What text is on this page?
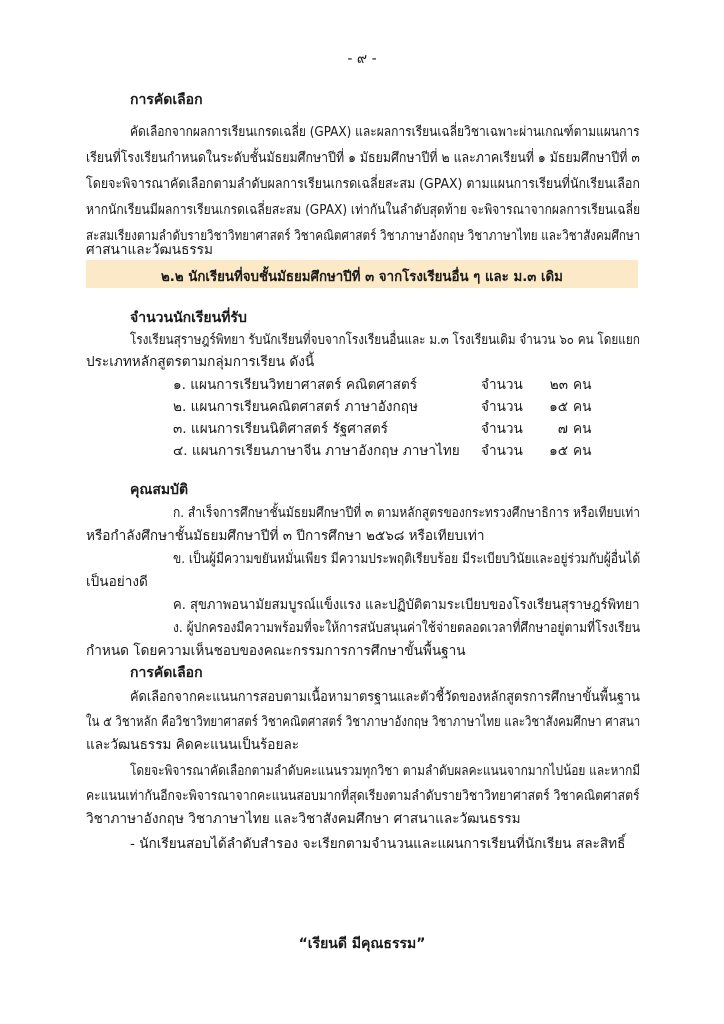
- ๙ -
การคัดเลือก
คัดเลือกจากผลการเรียนเกรดเฉลี่ย (GPAX) และผลการเรียนเฉลี่ยวิชาเฉพาะผ่านเกณฑ์ตามแผนการ
เรียนที่โรงเรียนกำหนดในระดับชั้นมัธยมศึกษาปีที่ ๑ มัธยมศึกษาปีที่ ๒ และภาคเรียนที่ ๑ มัธยมศึกษาปีที่ ๓
โดยจะพิจารณาคัดเลือกตามลำดับผลการเรียนเกรดเฉลี่ยสะสม (GPAX) ตามแผนการเรียนที่นักเรียนเลือก
หากนักเรียนมีผลการเรียนเกรดเฉลี่ยสะสม (GPAX) เท่ากันในลำดับสุดท้าย จะพิจารณาจากผลการเรียนเฉลี่ย
สะสมเรียงตามลำดับรายวิชาวิทยาศาสตร์ วิชาคณิตศาสตร์ วิชาภาษาอังกฤษ วิชาภาษาไทย และวิชาสังคมศึกษา
ศาสนาและวัฒนธรรม
๒.๒ นักเรียนที่จบชั้นมัธยมศึกษาปีที่ ๓ จากโรงเรียนอื่น ๆ และ ม.๓ เดิม
จำนวนนักเรียนที่รับ
โรงเรียนสุราษฎร์พิทยา รับนักเรียนที่จบจากโรงเรียนอื่นและ ม.๓ โรงเรียนเดิม จำนวน ๖๐ คน โดยแยก
ประเภทหลักสูตรตามกลุ่มการเรียน ดังนี้
๑. แผนการเรียนวิทยาศาสตร์ คณิตศาสตร์	จำนวน	๒๓ คน
๒. แผนการเรียนคณิตศาสตร์ ภาษาอังกฤษ	จำนวน	๑๕ คน
๓. แผนการเรียนนิติศาสตร์ รัฐศาสตร์	จำนวน	๗ คน
๔. แผนการเรียนภาษาจีน ภาษาอังกฤษ ภาษาไทย จำนวน	๑๕ คน
คุณสมบัติ
ก. สำเร็จการศึกษาชั้นมัธยมศึกษาปีที่ ๓ ตามหลักสูตรของกระทรวงศึกษาธิการ หรือเทียบเท่า
หรือกำลังศึกษาชั้นมัธยมศึกษาปีที่ ๓ ปีการศึกษา ๒๕๖๘ หรือเทียบเท่า
ข. เป็นผู้มีความขยันหมั่นเพียร มีความประพฤติเรียบร้อย มีระเบียบวินัยและอยู่ร่วมกับผู้อื่นได้
เป็นอย่างดี
ค. สุขภาพอนามัยสมบูรณ์แข็งแรง และปฏิบัติตามระเบียบของโรงเรียนสุราษฎร์พิทยา
ง. ผู้ปกครองมีความพร้อมที่จะให้การสนับสนุนค่าใช้จ่ายตลอดเวลาที่ศึกษาอยู่ตามที่โรงเรียน
กำหนด โดยความเห็นชอบของคณะกรรมการการศึกษาขั้นพื้นฐาน
การคัดเลือก
คัดเลือกจากคะแนนการสอบตามเนื้อหามาตรฐานและตัวชี้วัดของหลักสูตรการศึกษาขั้นพื้นฐาน
ใน ๕ วิชาหลัก คือวิชาวิทยาศาสตร์ วิชาคณิตศาสตร์ วิชาภาษาอังกฤษ วิชาภาษาไทย และวิชาสังคมศึกษา ศาสนา
และวัฒนธรรม คิดคะแนนเป็นร้อยละ
โดยจะพิจารณาคัดเลือกตามลำดับคะแนนรวมทุกวิชา ตามลำดับผลคะแนนจากมากไปน้อย และหากมี
คะแนนเท่ากันอีกจะพิจารณาจากคะแนนสอบมากที่สุดเรียงตามลำดับรายวิชาวิทยาศาสตร์ วิชาคณิตศาสตร์
วิชาภาษาอังกฤษ วิชาภาษาไทย และวิชาสังคมศึกษา ศาสนาและวัฒนธรรม
- นักเรียนสอบได้ลำดับสำรอง จะเรียกตามจำนวนและแผนการเรียนที่นักเรียน สละสิทธิ์
“เรียนดี มีคุณธรรม”
